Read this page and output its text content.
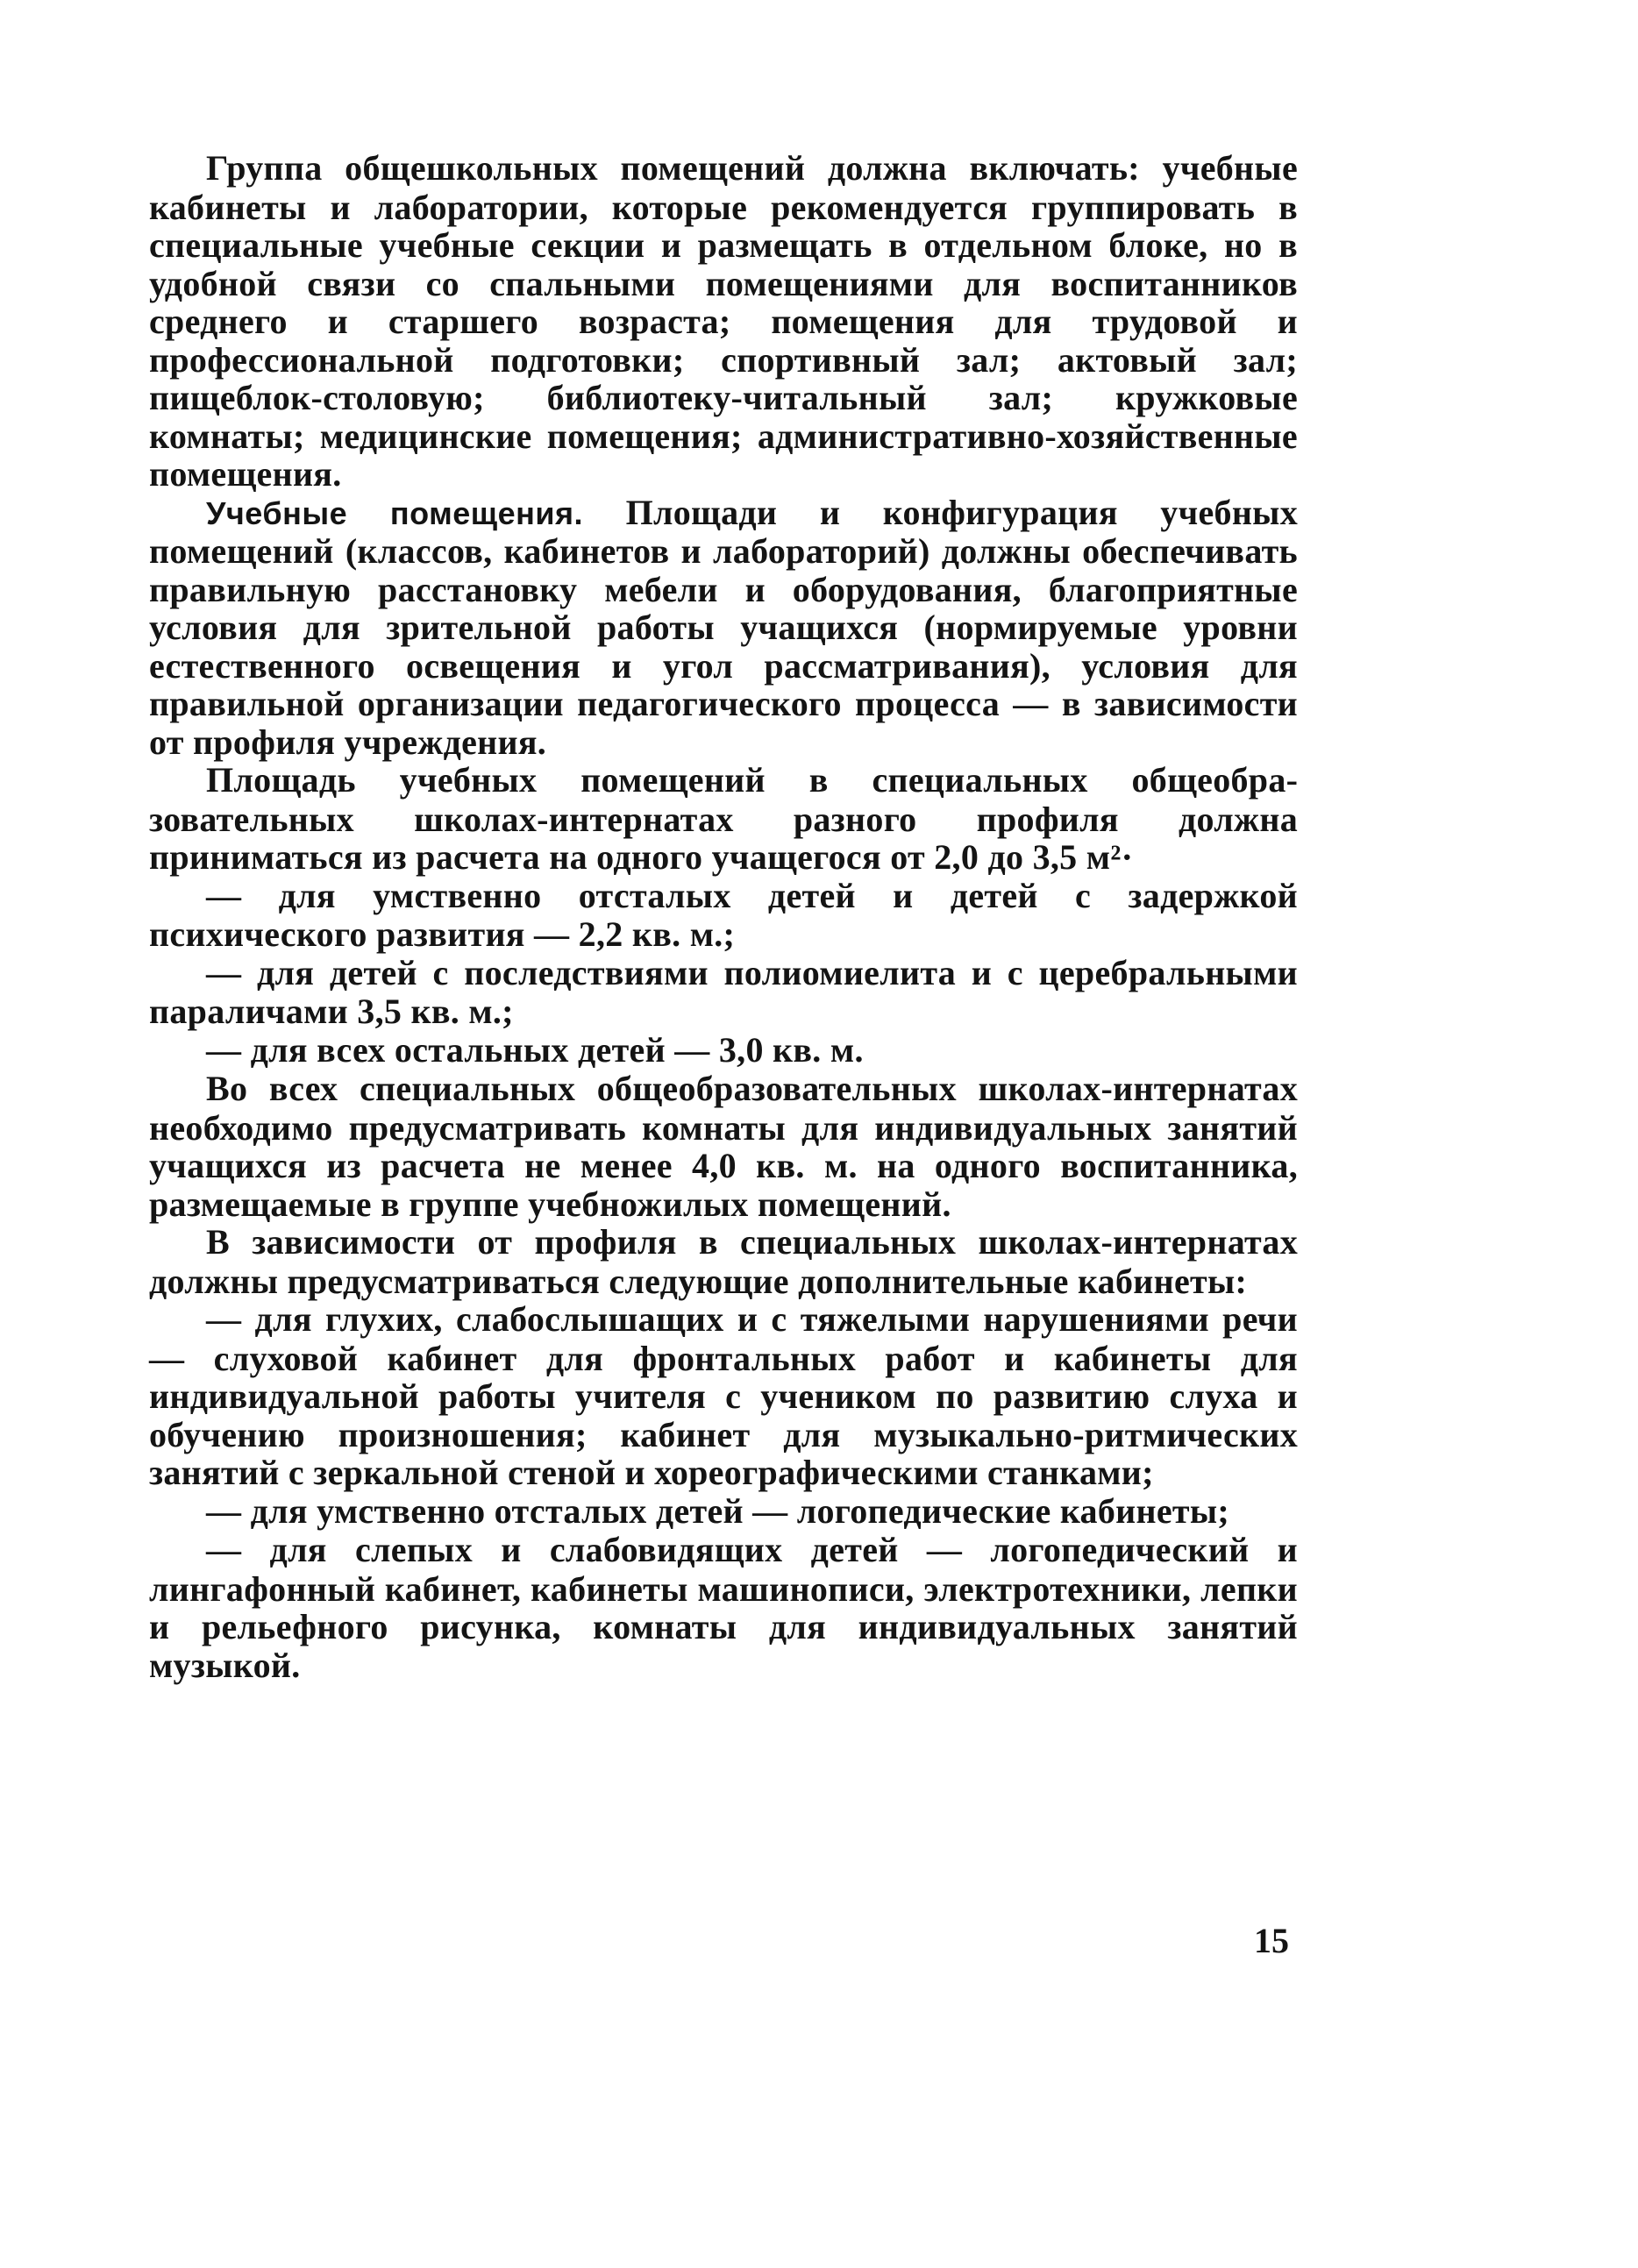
Группа общешкольных помещений должна включать: учебные кабинеты и лаборатории, которые рекомендуется группировать в специальные учебные секции и размещать в отдельном блоке, но в удобной связи со спальными помещениями для воспитанников среднего и старшего возраста; помещения для трудовой и профессиональной подготовки; спортивный зал; актовый зал; пищеблок-столовую; библиотеку-читальный зал; кружковые комнаты; медицинские помещения; административно-хозяйственные помещения.

Учебные помещения. Площади и конфигурация учебных помещений (классов, кабинетов и лабораторий) должны обеспечивать правильную расстановку мебели и оборудования, благоприятные условия для зрительной работы учащихся (нормируемые уровни естественного освещения и угол рассматривания), условия для правильной организации педагогического процесса — в зависимости от профиля учреждения.

Площадь учебных помещений в специальных общеобразовательных школах-интернатах разного профиля должна приниматься из расчета на одного учащегося от 2,0 до 3,5 м²·

— для умственно отсталых детей и детей с задержкой психического развития — 2,2 кв. м.;

— для детей с последствиями полиомиелита и с церебральными параличами 3,5 кв. м.;

— для всех остальных детей — 3,0 кв. м.

Во всех специальных общеобразовательных школах-интернатах необходимо предусматривать комнаты для индивидуальных занятий учащихся из расчета не менее 4,0 кв. м. на одного воспитанника, размещаемые в группе учебножилых помещений.

В зависимости от профиля в специальных школах-интернатах должны предусматриваться следующие дополнительные кабинеты:

— для глухих, слабослышащих и с тяжелыми нарушениями речи — слуховой кабинет для фронтальных работ и кабинеты для индивидуальной работы учителя с учеником по развитию слуха и обучению произношения; кабинет для музыкально-ритмических занятий с зеркальной стеной и хореографическими станками;

— для умственно отсталых детей — логопедические кабинеты;

— для слепых и слабовидящих детей — логопедический и лингафонный кабинет, кабинеты машинописи, электротехники, лепки и рельефного рисунка, комнаты для индивидуальных занятий музыкой.

15
